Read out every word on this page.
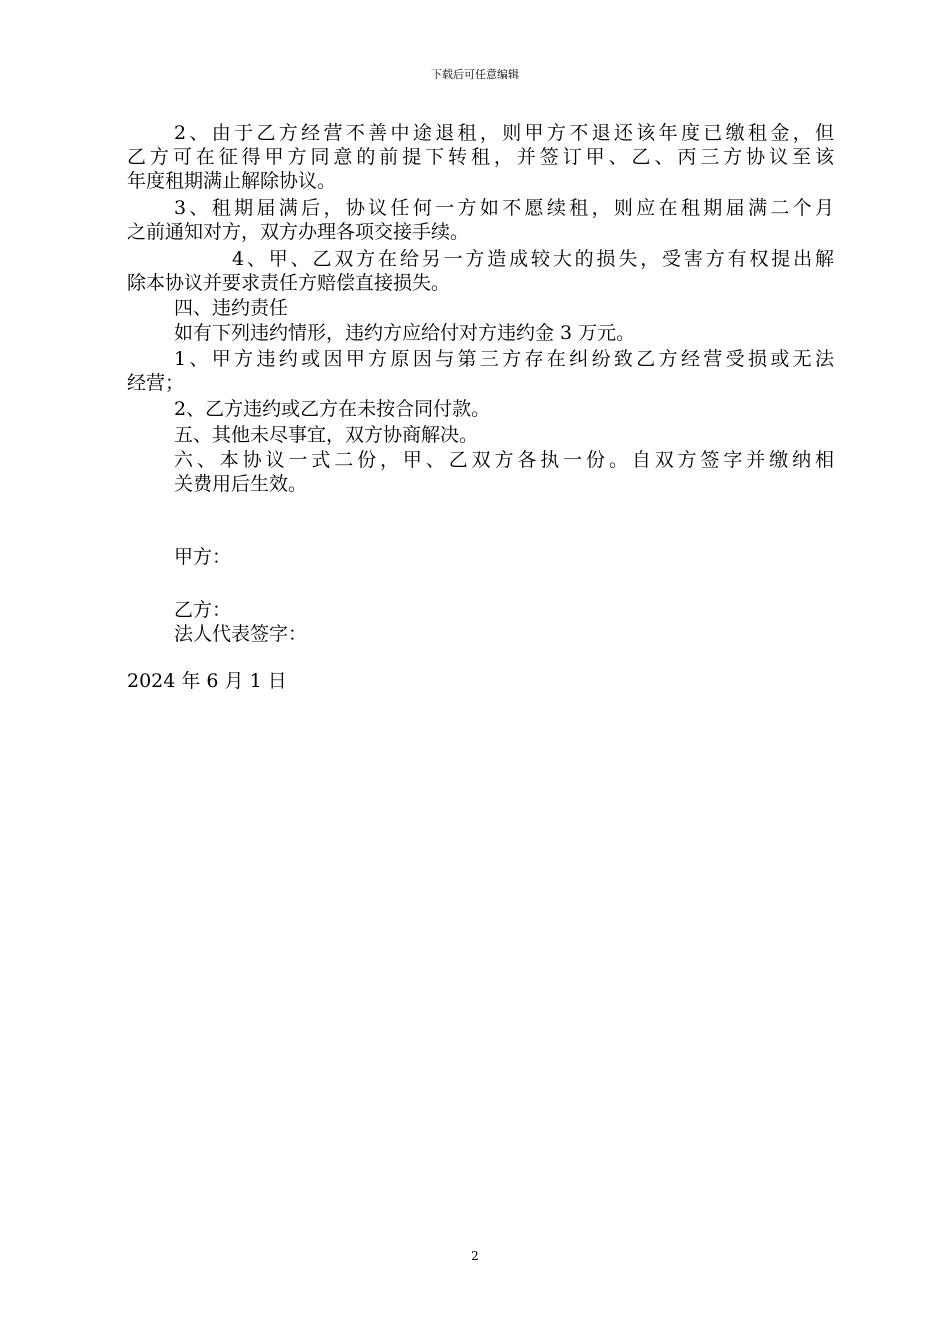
下载后可任意编辑
2、由于乙方经营不善中途退租，则甲方不退还该年度已缴租金，但
乙方可在征得甲方同意的前提下转租，并签订甲、乙、丙三方协议至该
年度租期满止解除协议。
3、租期届满后，协议任何一方如不愿续租，则应在租期届满二个月
之前通知对方，双方办理各项交接手续。
4、甲、乙双方在给另一方造成较大的损失，受害方有权提出解
除本协议并要求责任方赔偿直接损失。
四、违约责任
如有下列违约情形，违约方应给付对方违约金 3 万元。
1、甲方违约或因甲方原因与第三方存在纠纷致乙方经营受损或无法
经营；
2、乙方违约或乙方在未按合同付款。
五、其他未尽事宜，双方协商解决。
六、本协议一式二份，甲、乙双方各执一份。自双方签字并缴纳相
关费用后生效。
甲方：
乙方：
法人代表签字：
2024 年 6 月 1 日
2
